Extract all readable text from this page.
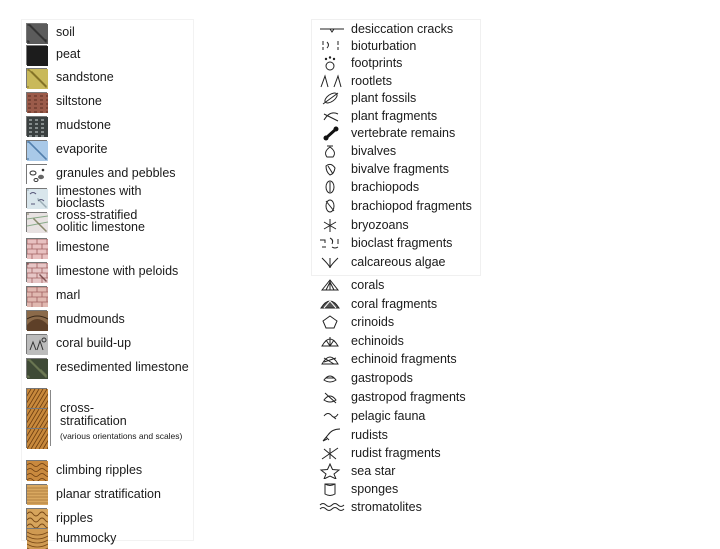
soil
peat
sandstone
siltstone
mudstone
evaporite
granules and pebbles
limestones with bioclasts
cross-stratified oolitic limestone
limestone
limestone with peloids
marl
mudmounds
coral build-up
resedimented limestone
cross-
stratification
(various orientations and scales)
climbing ripples
planar stratification
ripples
hummocky
desiccation cracks
bioturbation
footprints
rootlets
plant fossils
plant fragments
vertebrate remains
bivalves
bivalve fragments
brachiopods
brachiopod fragments
bryozoans
bioclast fragments
calcareous algae
corals
coral fragments
crinoids
echinoids
echinoid fragments
gastropods
gastropod fragments
pelagic fauna
rudists
rudist fragments
sea star
sponges
stromatolites
